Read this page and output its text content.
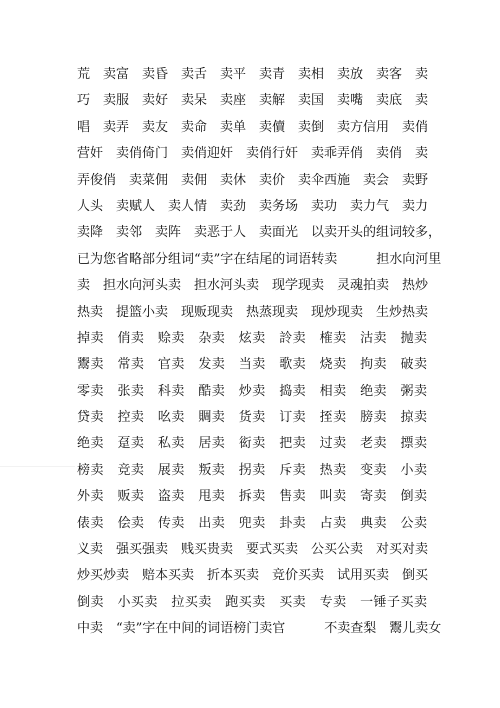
荒　卖富　卖昏　卖舌　卖平　卖青　卖相　卖放　卖客　卖
巧　卖服　卖好　卖呆　卖座　卖解　卖国　卖嘴　卖底　卖
唱　卖弄　卖友　卖命　卖单　卖儥　卖倒　卖方信用　卖俏
营奸　卖俏倚门　卖俏迎奸　卖俏行奸　卖乖弄俏　卖俏　卖
弄俊俏　卖菜佣　卖佣　卖休　卖价　卖伞西施　卖会　卖野
人头　卖赋人　卖人情　卖劲　卖务场　卖功　卖力气　卖力
卖降　卖邻　卖阵　卖恶于人　卖面光　以卖开头的组词较多，
已为您省略部分组词“卖”字在结尾的词语转卖　　　担水向河里
卖　担水向河头卖　担水河头卖　现学现卖　灵魂拍卖　热炒
热卖　提篮小卖　现贩现卖　热蒸现卖　现炒现卖　生炒热卖
掉卖　俏卖　赊卖　杂卖　炫卖　詅卖　榷卖　沽卖　抛卖
鬻卖　常卖　官卖　发卖　当卖　歌卖　烧卖　拘卖　破卖
零卖　张卖　科卖　酷卖　炒卖　捣卖　相卖　绝卖　粥卖
贷卖　控卖　吆卖　賙卖　货卖　订卖　挃卖　膀卖　掠卖
绝卖　趸卖　私卖　居卖　衒卖　把卖　过卖　老卖　摽卖
榜卖　竞卖　展卖　叛卖　拐卖　斥卖　热卖　变卖　小卖
外卖　贩卖　盗卖　甩卖　拆卖　售卖　叫卖　寄卖　倒卖
俵卖　侩卖　传卖　出卖　兜卖　卦卖　占卖　典卖　公卖
义卖　强买强卖　贱买贵卖　要式买卖　公买公卖　对买对卖
炒买炒卖　赔本买卖　折本买卖　竞价买卖　试用买卖　倒买
倒卖　小买卖　拉买卖　跑买卖　买卖　专卖　一锤子买卖
中卖　“卖”字在中间的词语榜门卖官　　　不卖查梨　鬻儿卖女
